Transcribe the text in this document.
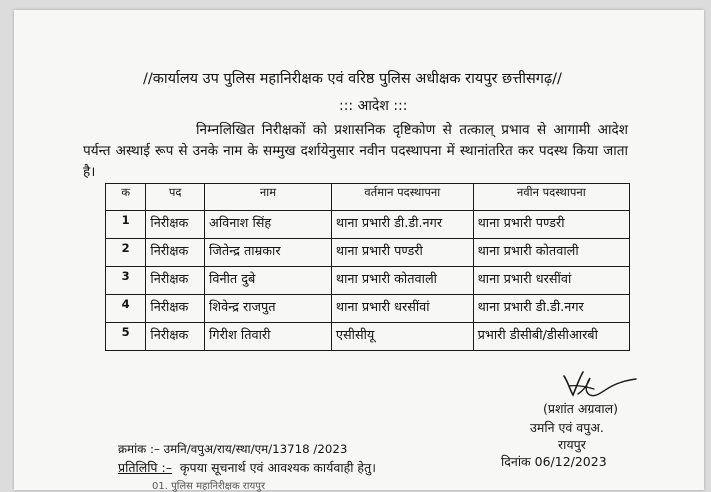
//कार्यालय उप पुलिस महानिरीक्षक एवं वरिष्ठ पुलिस अधीक्षक रायपुर छत्तीसगढ़//
::: आदेश :::
निम्नलिखित निरीक्षकों को प्रशासनिक दृष्टिकोण से तत्काल् प्रभाव से आगामी आदेश पर्यन्त अस्थाई रूप से उनके नाम के सम्मुख दर्शायेनुसार नवीन पदस्थापना में स्थानांतरित कर पदस्थ किया जाता है।
क	पद	नाम	वर्तमान पदस्थापना	नवीन पदस्थापना
1	निरीक्षक	अविनाश सिंह	थाना प्रभारी डी.डी.नगर	थाना प्रभारी पण्डरी
2	निरीक्षक	जितेन्द्र ताम्रकार	थाना प्रभारी पण्डरी	थाना प्रभारी कोतवाली
3	निरीक्षक	विनीत दुबे	थाना प्रभारी कोतवाली	थाना प्रभारी धरसींवां
4	निरीक्षक	शिवेन्द्र राजपुत	थाना प्रभारी धरसींवां	थाना प्रभारी डी.डी.नगर
5	निरीक्षक	गिरीश तिवारी	एसीसीयू	प्रभारी डीसीबी/डीसीआरबी
(प्रशांत अग्रवाल)
उमनि एवं वपुअ.
रायपुर
क्रमांक :– उमनि/वपुअ/राय/स्था/एम/13718 /2023
दिनांक 06/12/2023
प्रतिलिपि :– कृपया सूचनार्थ एवं आवश्यक कार्यवाही हेतु।
01. पुलिस महानिरीक्षक रायपुर
